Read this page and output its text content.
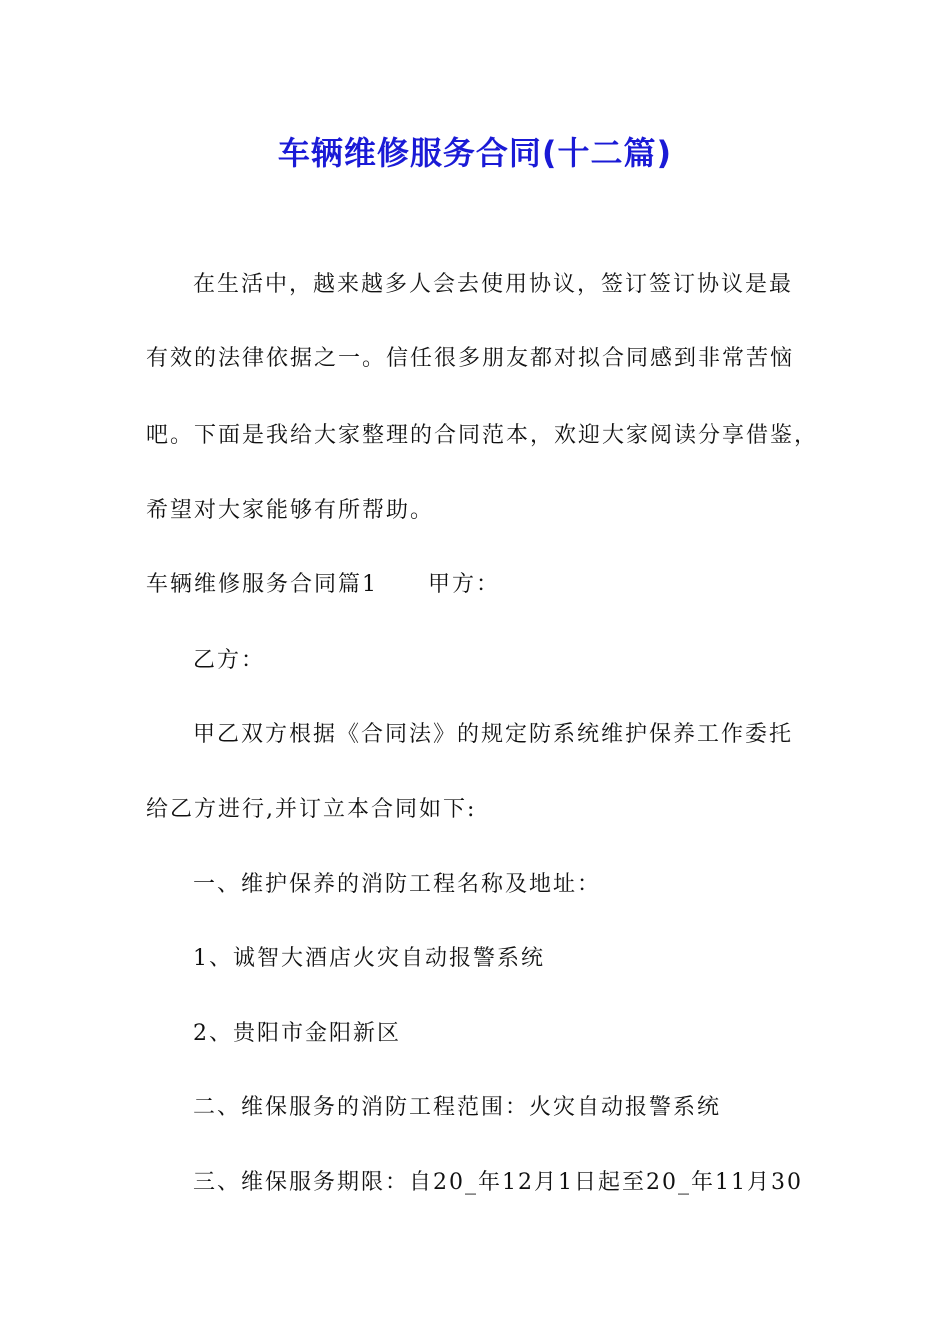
车辆维修服务合同(十二篇)
在生活中，越来越多人会去使用协议，签订签订协议是最
有效的法律依据之一。信任很多朋友都对拟合同感到非常苦恼
吧。下面是我给大家整理的合同范本，欢迎大家阅读分享借鉴，
希望对大家能够有所帮助。
车辆维修服务合同篇1 甲方：
乙方：
甲乙双方根据《合同法》的规定防系统维护保养工作委托
给乙方进行,并订立本合同如下:
一、维护保养的消防工程名称及地址：
1、诚智大酒店火灾自动报警系统
2、贵阳市金阳新区
二、维保服务的消防工程范围：火灾自动报警系统
三、维保服务期限：自20_年12月1日起至20_年11月30
